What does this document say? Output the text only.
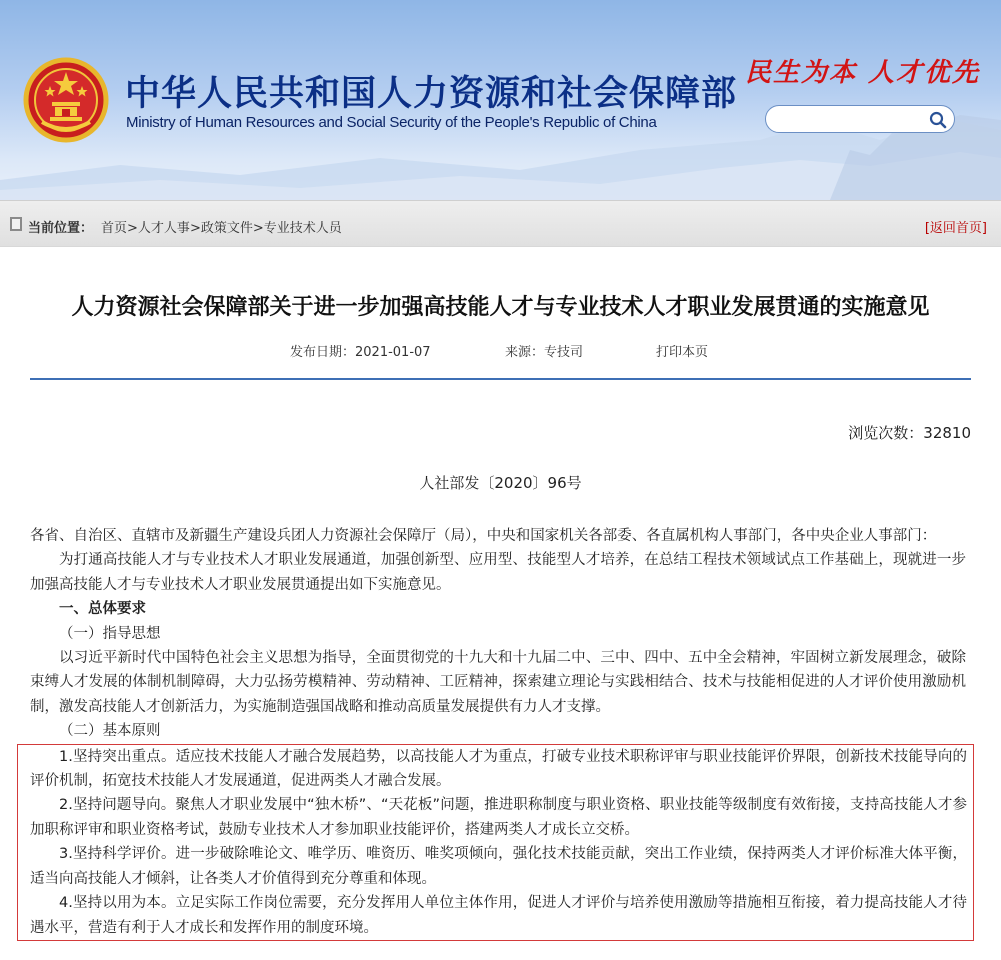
中华人民共和国人力资源和社会保障部

Ministry of Human Resources and Social Security of the People's Republic of China

民生为本 人才优先

当前位置： 首页>人才人事>政策文件>专业技术人员	[返回首页]
人力资源社会保障部关于进一步加强高技能人才与专业技术人才职业发展贯通的实施意见
发布日期：2021-01-07	来源：专技司	打印本页
浏览次数：32810
人社部发〔2020〕96号

各省、自治区、直辖市及新疆生产建设兵团人力资源社会保障厅（局），中央和国家机关各部委、各直属机构人事部门，各中央企业人事部门：

为打通高技能人才与专业技术人才职业发展通道，加强创新型、应用型、技能型人才培养，在总结工程技术领域试点工作基础上，现就进一步加强高技能人才与专业技术人才职业发展贯通提出如下实施意见。

一、总体要求

（一）指导思想

以习近平新时代中国特色社会主义思想为指导，全面贯彻党的十九大和十九届二中、三中、四中、五中全会精神，牢固树立新发展理念，破除束缚人才发展的体制机制障碍，大力弘扬劳模精神、劳动精神、工匠精神，探索建立理论与实践相结合、技术与技能相促进的人才评价使用激励机制，激发高技能人才创新活力，为实施制造强国战略和推动高质量发展提供有力人才支撑。

（二）基本原则

1.坚持突出重点。适应技术技能人才融合发展趋势，以高技能人才为重点，打破专业技术职称评审与职业技能评价界限，创新技术技能导向的评价机制，拓宽技术技能人才发展通道，促进两类人才融合发展。

2.坚持问题导向。聚焦人才职业发展中“独木桥”、“天花板”问题，推进职称制度与职业资格、职业技能等级制度有效衔接，支持高技能人才参加职称评审和职业资格考试，鼓励专业技术人才参加职业技能评价，搭建两类人才成长立交桥。

3.坚持科学评价。进一步破除唯论文、唯学历、唯资历、唯奖项倾向，强化技术技能贡献，突出工作业绩，保持两类人才评价标准大体平衡，适当向高技能人才倾斜，让各类人才价值得到充分尊重和体现。

4.坚持以用为本。立足实际工作岗位需要，充分发挥用人单位主体作用，促进人才评价与培养使用激励等措施相互衔接，着力提高技能人才待遇水平，营造有利于人才成长和发挥作用的制度环境。
